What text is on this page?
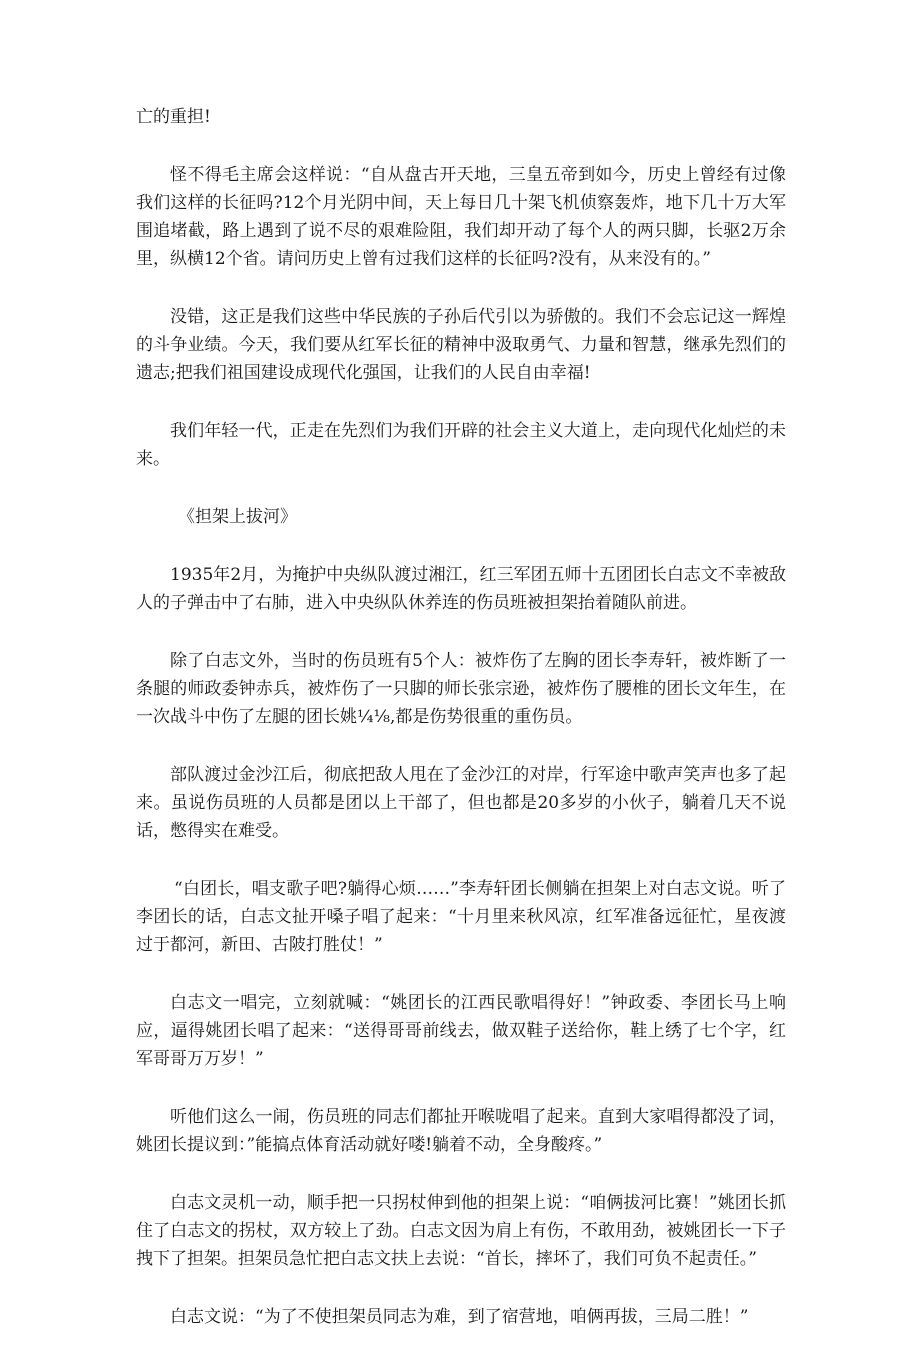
亡的重担!

怪不得毛主席会这样说：“自从盘古开天地，三皇五帝到如今，历史上曾经有过像我们这样的长征吗?12个月光阴中间，天上每日几十架飞机侦察轰炸，地下几十万大军围追堵截，路上遇到了说不尽的艰难险阻，我们却开动了每个人的两只脚，长驱2万余里，纵横12个省。请问历史上曾有过我们这样的长征吗?没有，从来没有的。”

没错，这正是我们这些中华民族的子孙后代引以为骄傲的。我们不会忘记这一辉煌的斗争业绩。今天，我们要从红军长征的精神中汲取勇气、力量和智慧，继承先烈们的遗志;把我们祖国建设成现代化强国，让我们的人民自由幸福!

我们年轻一代，正走在先烈们为我们开辟的社会主义大道上，走向现代化灿烂的未来。

《担架上拔河》

1935年2月，为掩护中央纵队渡过湘江，红三军团五师十五团团长白志文不幸被敌人的子弹击中了右肺，进入中央纵队休养连的伤员班被担架抬着随队前进。

除了白志文外，当时的伤员班有5个人：被炸伤了左胸的团长李寿轩，被炸断了一条腿的师政委钟赤兵，被炸伤了一只脚的师长张宗逊，被炸伤了腰椎的团长文年生，在一次战斗中伤了左腿的团长姚¼⅛,都是伤势很重的重伤员。

部队渡过金沙江后，彻底把敌人甩在了金沙江的对岸，行军途中歌声笑声也多了起来。虽说伤员班的人员都是团以上干部了，但也都是20多岁的小伙子，躺着几天不说话，憋得实在难受。

“白团长，唱支歌子吧?躺得心烦……”李寿轩团长侧躺在担架上对白志文说。听了李团长的话，白志文扯开嗓子唱了起来：“十月里来秋风凉，红军准备远征忙，星夜渡过于都河，新田、古陂打胜仗！”

白志文一唱完，立刻就喊：“姚团长的江西民歌唱得好！”钟政委、李团长马上响应，逼得姚团长唱了起来：“送得哥哥前线去，做双鞋子送给你，鞋上绣了七个字，红军哥哥万万岁！”

听他们这么一闹，伤员班的同志们都扯开喉咙唱了起来。直到大家唱得都没了词，姚团长提议到：”能搞点体育活动就好喽!躺着不动，全身酸疼。”

白志文灵机一动，顺手把一只拐杖伸到他的担架上说：“咱俩拔河比赛！”姚团长抓住了白志文的拐杖，双方较上了劲。白志文因为肩上有伤，不敢用劲，被姚团长一下子拽下了担架。担架员急忙把白志文扶上去说：“首长，摔坏了，我们可负不起责任。”

白志文说：“为了不使担架员同志为难，到了宿营地，咱俩再拔，三局二胜！”
